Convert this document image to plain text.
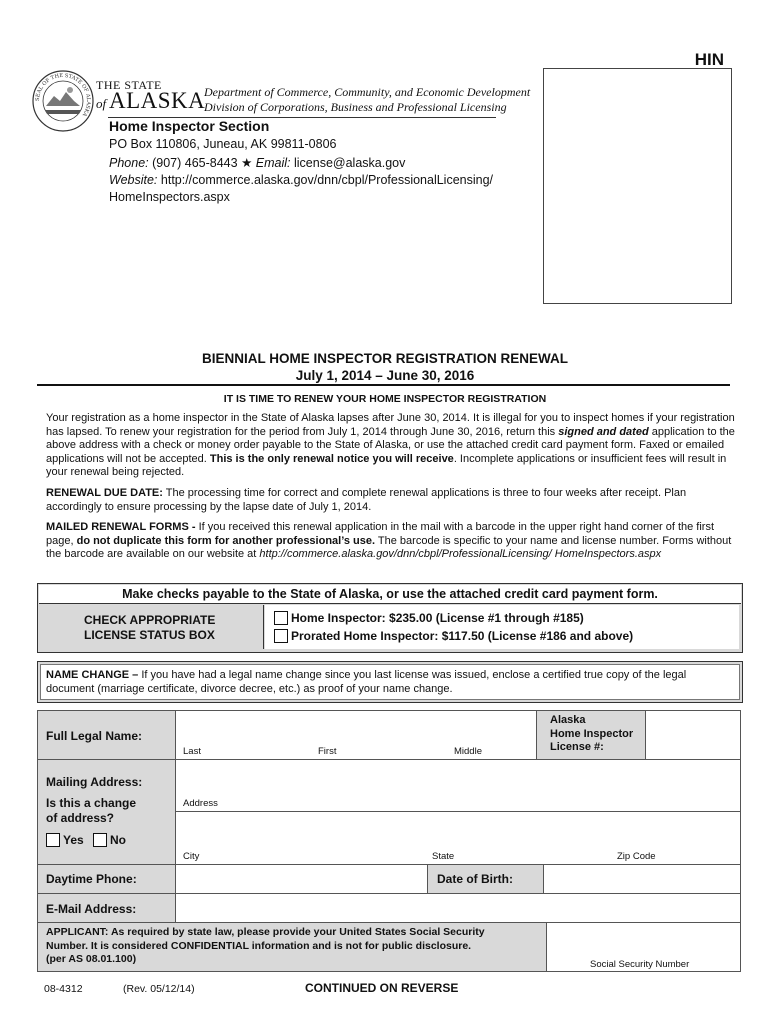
HIN
SEAL OF THE STATE OF ALASKA
THE STATE
of ALASKA
Department of Commerce, Community, and Economic Development
Division of Corporations, Business and Professional Licensing
Home Inspector Section
PO Box 110806, Juneau, AK 99811-0806
Phone: (907) 465-8443 ★ Email: license@alaska.gov
Website: http://commerce.alaska.gov/dnn/cbpl/ProfessionalLicensing/
HomeInspectors.aspx
BIENNIAL HOME INSPECTOR REGISTRATION RENEWAL
July 1, 2014 – June 30, 2016
IT IS TIME TO RENEW YOUR HOME INSPECTOR REGISTRATION

Your registration as a home inspector in the State of Alaska lapses after June 30, 2014. It is illegal for you to inspect homes if your registration has lapsed. To renew your registration for the period from July 1, 2014 through June 30, 2016, return this signed and dated application to the above address with a check or money order payable to the State of Alaska, or use the attached credit card payment form. Faxed or emailed applications will not be accepted. This is the only renewal notice you will receive. Incomplete applications or insufficient fees will result in your renewal being rejected.

RENEWAL DUE DATE: The processing time for correct and complete renewal applications is three to four weeks after receipt. Plan accordingly to ensure processing by the lapse date of July 1, 2014.

MAILED RENEWAL FORMS - If you received this renewal application in the mail with a barcode in the upper right hand corner of the first page, do not duplicate this form for another professional’s use. The barcode is specific to your name and license number. Forms without the barcode are available on our website at http://commerce.alaska.gov/dnn/cbpl/ProfessionalLicensing/ HomeInspectors.aspx

Make checks payable to the State of Alaska, or use the attached credit card payment form.
CHECK APPROPRIATE
LICENSE STATUS BOX
Home Inspector: $235.00 (License #1 through #185)
Prorated Home Inspector: $117.50 (License #186 and above)
NAME CHANGE – If you have had a legal name change since you last license was issued, enclose a certified true copy of the legal document (marriage certificate, divorce decree, etc.) as proof of your name change.
Full Legal Name:
Last	First	Middle
Alaska
Home Inspector
License #:
Mailing Address:
Is this a change
of address?
Yes No
Address
City	State	Zip Code
Daytime Phone:	Date of Birth:
E-Mail Address:
APPLICANT: As required by state law, please provide your United States Social Security
Number. It is considered CONFIDENTIAL information and is not for public disclosure.
(per AS 08.01.100)	Social Security Number
08-4312	(Rev. 05/12/14)	CONTINUED ON REVERSE
